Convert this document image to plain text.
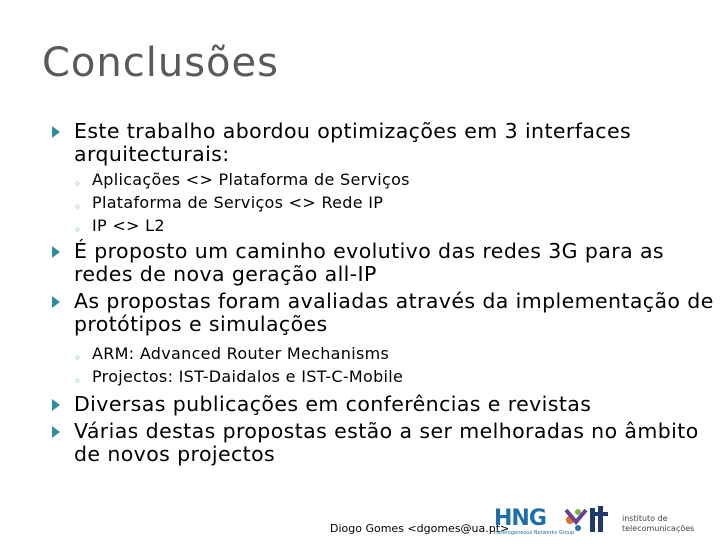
Conclusões
Este trabalho abordou optimizações em 3 interfaces arquitecturais:
◦ Aplicações <> Plataforma de Serviços
◦ Plataforma de Serviços <> Rede IP
◦ IP <> L2
É proposto um caminho evolutivo das redes 3G para as redes de nova geração all-IP
As propostas foram avaliadas através da implementação de protótipos e simulações
◦ ARM: Advanced Router Mechanisms
◦ Projectos: IST-Daidalos e IST-C-Mobile
Diversas publicações em conferências e revistas
Várias destas propostas estão a ser melhoradas no âmbito de novos projectos
Diogo Gomes <dgomes@ua.pt>
HNG
Heterogeneous Networks Group
instituto de
telecomunicações
